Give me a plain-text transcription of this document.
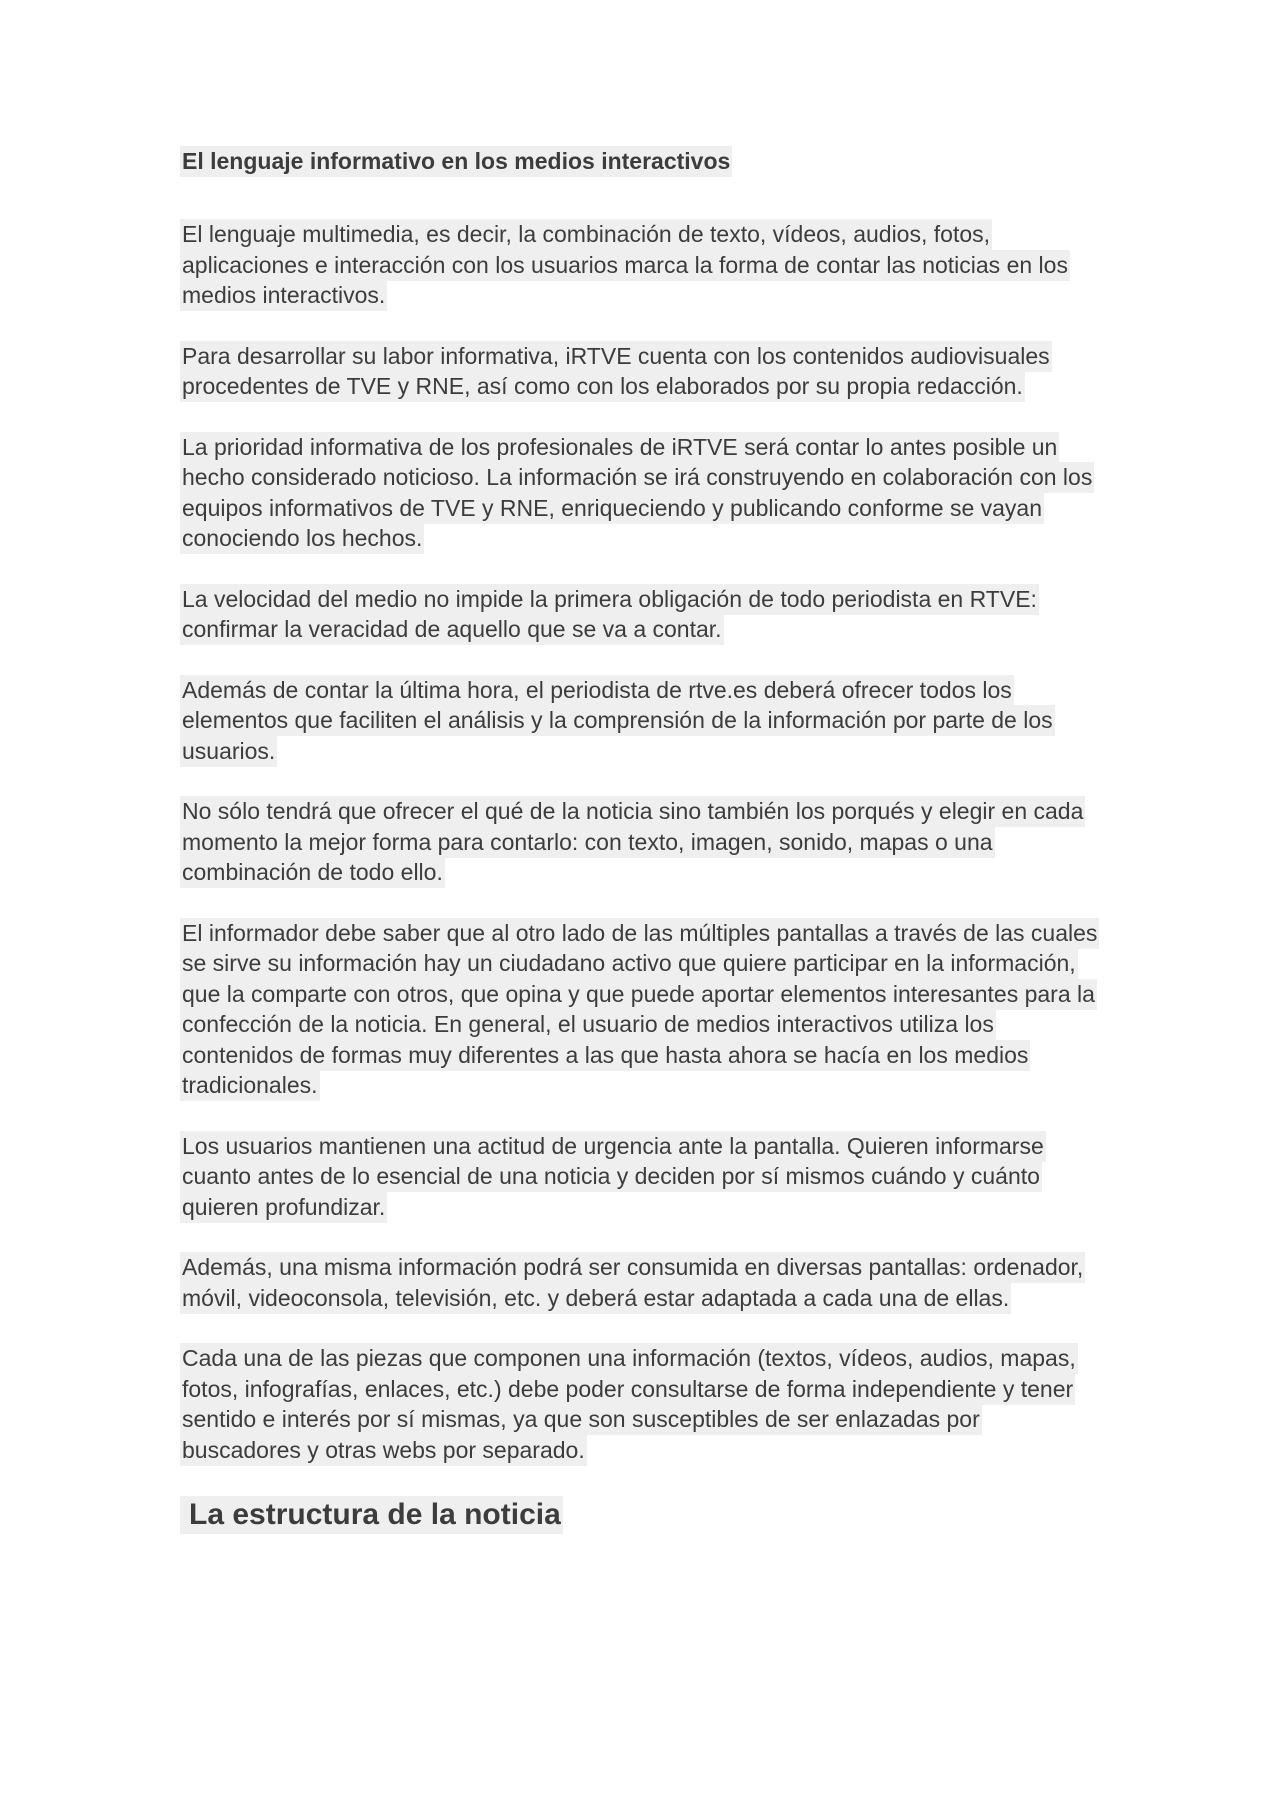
El lenguaje informativo en los medios interactivos

El lenguaje multimedia, es decir, la combinación de texto, vídeos, audios, fotos, aplicaciones e interacción con los usuarios marca la forma de contar las noticias en los medios interactivos.

Para desarrollar su labor informativa, iRTVE cuenta con los contenidos audiovisuales procedentes de TVE y RNE, así como con los elaborados por su propia redacción.

La prioridad informativa de los profesionales de iRTVE será contar lo antes posible un hecho considerado noticioso. La información se irá construyendo en colaboración con los equipos informativos de TVE y RNE, enriqueciendo y publicando conforme se vayan conociendo los hechos.

La velocidad del medio no impide la primera obligación de todo periodista en RTVE: confirmar la veracidad de aquello que se va a contar.

Además de contar la última hora, el periodista de rtve.es deberá ofrecer todos los elementos que faciliten el análisis y la comprensión de la información por parte de los usuarios.

No sólo tendrá que ofrecer el qué de la noticia sino también los porqués y elegir en cada momento la mejor forma para contarlo: con texto, imagen, sonido, mapas o una combinación de todo ello.

El informador debe saber que al otro lado de las múltiples pantallas a través de las cuales se sirve su información hay un ciudadano activo que quiere participar en la información, que la comparte con otros, que opina y que puede aportar elementos interesantes para la confección de la noticia. En general, el usuario de medios interactivos utiliza los contenidos de formas muy diferentes a las que hasta ahora se hacía en los medios tradicionales.

Los usuarios mantienen una actitud de urgencia ante la pantalla. Quieren informarse cuanto antes de lo esencial de una noticia y deciden por sí mismos cuándo y cuánto quieren profundizar.

Además, una misma información podrá ser consumida en diversas pantallas: ordenador, móvil, videoconsola, televisión, etc. y deberá estar adaptada a cada una de ellas.

Cada una de las piezas que componen una información (textos, vídeos, audios, mapas, fotos, infografías, enlaces, etc.) debe poder consultarse de forma independiente y tener sentido e interés por sí mismas, ya que son susceptibles de ser enlazadas por buscadores y otras webs por separado.

La estructura de la noticia
